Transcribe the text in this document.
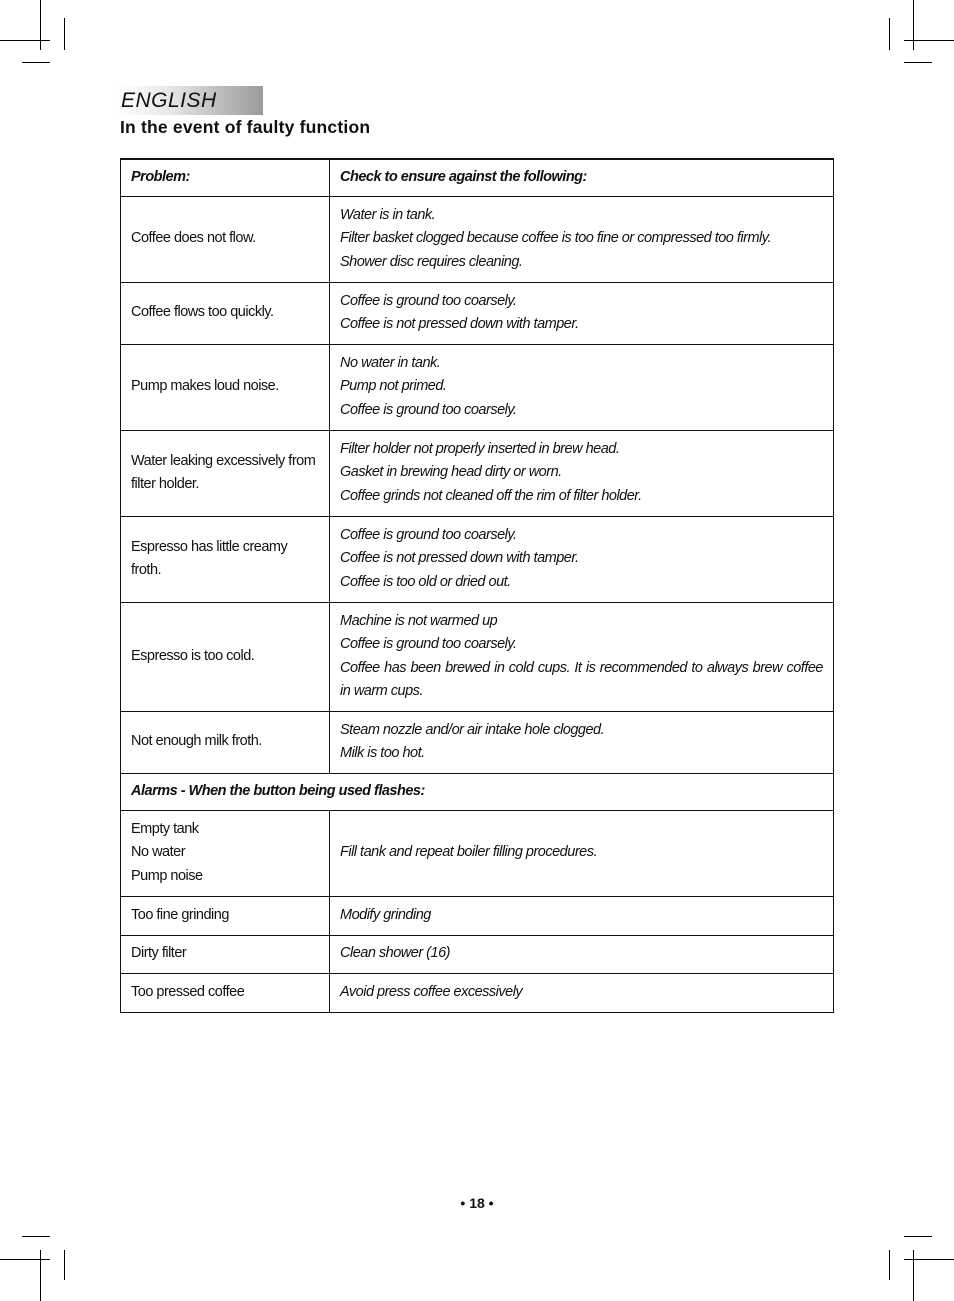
ENGLISH
In the event of faulty function
Problem:	Check to ensure against the following:
Coffee does not flow.	Water is in tank.
Filter basket clogged because coffee is too fine or compressed too firmly.
Shower disc requires cleaning.

Coffee flows too quickly.	Coffee is ground too coarsely.
Coffee is not pressed down with tamper.

Pump makes loud noise.	No water in tank.
Pump not primed.
Coffee is ground too coarsely.

Water leaking excessively from filter holder.	Filter holder not properly inserted in brew head.
Gasket in brewing head dirty or worn.
Coffee grinds not cleaned off the rim of filter holder.

Espresso has little creamy froth.	Coffee is ground too coarsely.
Coffee is not pressed down with tamper.
Coffee is too old or dried out.

Espresso is too cold.	Machine is not warmed up
Coffee is ground too coarsely.
Coffee has been brewed in cold cups. It is recommended to always brew coffee in warm cups.

Not enough milk froth.	Steam nozzle and/or air intake hole clogged.
Milk is too hot.

Alarms - When the button being used flashes:	

Empty tank
No water
Pump noise	Fill tank and repeat boiler filling procedures.
Too fine grinding	Modify grinding
Dirty filter	Clean shower (16)
Too pressed coffee	Avoid press coffee excessively
• 18 •
